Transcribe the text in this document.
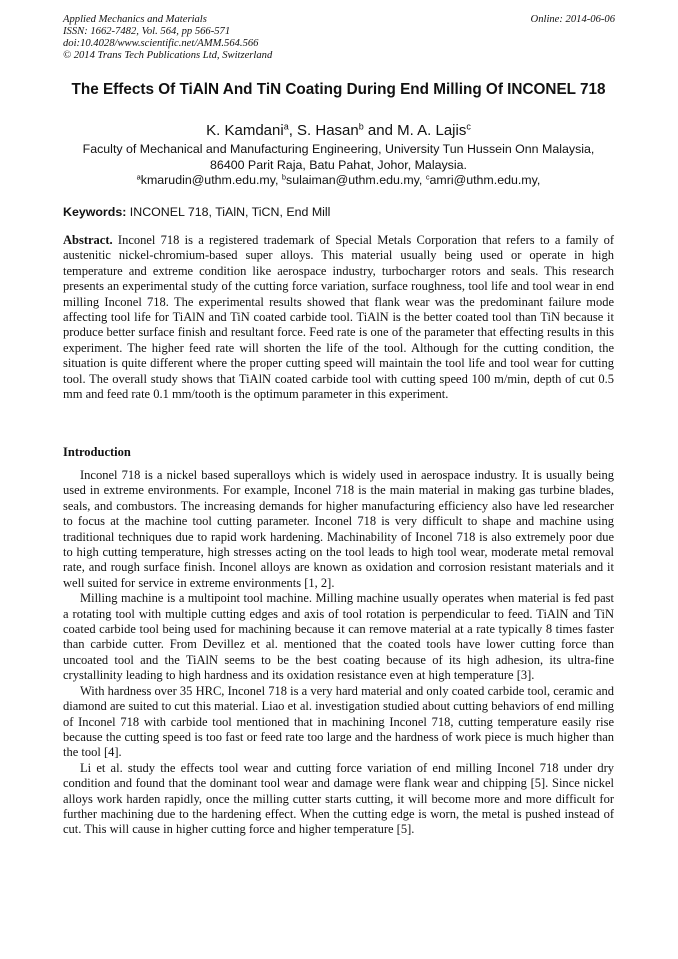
Applied Mechanics and Materials
ISSN: 1662-7482, Vol. 564, pp 566-571
doi:10.4028/www.scientific.net/AMM.564.566
© 2014 Trans Tech Publications Ltd, Switzerland
Online: 2014-06-06
The Effects Of TiAlN And TiN Coating During End Milling Of INCONEL 718
K. Kamdani$^a$, S. Hasan$^b$ and M. A. Lajis$^c$
Faculty of Mechanical and Manufacturing Engineering, University Tun Hussein Onn Malaysia,
86400 Parit Raja, Batu Pahat, Johor, Malaysia.
$^a$kmarudin@uthm.edu.my, $^b$sulaiman@uthm.edu.my, $^c$amri@uthm.edu.my,
Keywords: INCONEL 718, TiAlN, TiCN, End Mill

Abstract. Inconel 718 is a registered trademark of Special Metals Corporation that refers to a family of austenitic nickel-chromium-based super alloys. This material usually being used or operate in high temperature and extreme condition like aerospace industry, turbocharger rotors and seals. This research presents an experimental study of the cutting force variation, surface roughness, tool life and tool wear in end milling Inconel 718. The experimental results showed that flank wear was the predominant failure mode affecting tool life for TiAlN and TiN coated carbide tool. TiAlN is the better coated tool than TiN because it produce better surface finish and resultant force. Feed rate is one of the parameter that effecting results in this experiment. The higher feed rate will shorten the life of the tool. Although for the cutting condition, the situation is quite different where the proper cutting speed will maintain the tool life and tool wear for cutting tool. The overall study shows that TiAlN coated carbide tool with cutting speed 100 m/min, depth of cut 0.5 mm and feed rate 0.1 mm/tooth is the optimum parameter in this experiment.

Introduction

Inconel 718 is a nickel based superalloys which is widely used in aerospace industry. It is usually being used in extreme environments. For example, Inconel 718 is the main material in making gas turbine blades, seals, and combustors. The increasing demands for higher manufacturing efficiency also have led researcher to focus at the machine tool cutting parameter. Inconel 718 is very difficult to shape and machine using traditional techniques due to rapid work hardening. Machinability of Inconel 718 is also extremely poor due to high cutting temperature, high stresses acting on the tool leads to high tool wear, moderate metal removal rate, and rough surface finish. Inconel alloys are known as oxidation and corrosion resistant materials and it well suited for service in extreme environments [1, 2].

Milling machine is a multipoint tool machine. Milling machine usually operates when material is fed past a rotating tool with multiple cutting edges and axis of tool rotation is perpendicular to feed. TiAlN and TiN coated carbide tool being used for machining because it can remove material at a rate typically 8 times faster than carbide cutter. From Devillez et al. mentioned that the coated tools have lower cutting force than uncoated tool and the TiAlN seems to be the best coating because of its high adhesion, its ultra-fine crystallinity leading to high hardness and its oxidation resistance even at high temperature [3].

With hardness over 35 HRC, Inconel 718 is a very hard material and only coated carbide tool, ceramic and diamond are suited to cut this material. Liao et al. investigation studied about cutting behaviors of end milling of Inconel 718 with carbide tool mentioned that in machining Inconel 718, cutting temperature easily rise because the cutting speed is too fast or feed rate too large and the hardness of work piece is much higher than the tool [4].

Li et al. study the effects tool wear and cutting force variation of end milling Inconel 718 under dry condition and found that the dominant tool wear and damage were flank wear and chipping [5]. Since nickel alloys work harden rapidly, once the milling cutter starts cutting, it will become more and more difficult for further machining due to the hardening effect. When the cutting edge is worn, the metal is pushed instead of cut. This will cause in higher cutting force and higher temperature [5].
